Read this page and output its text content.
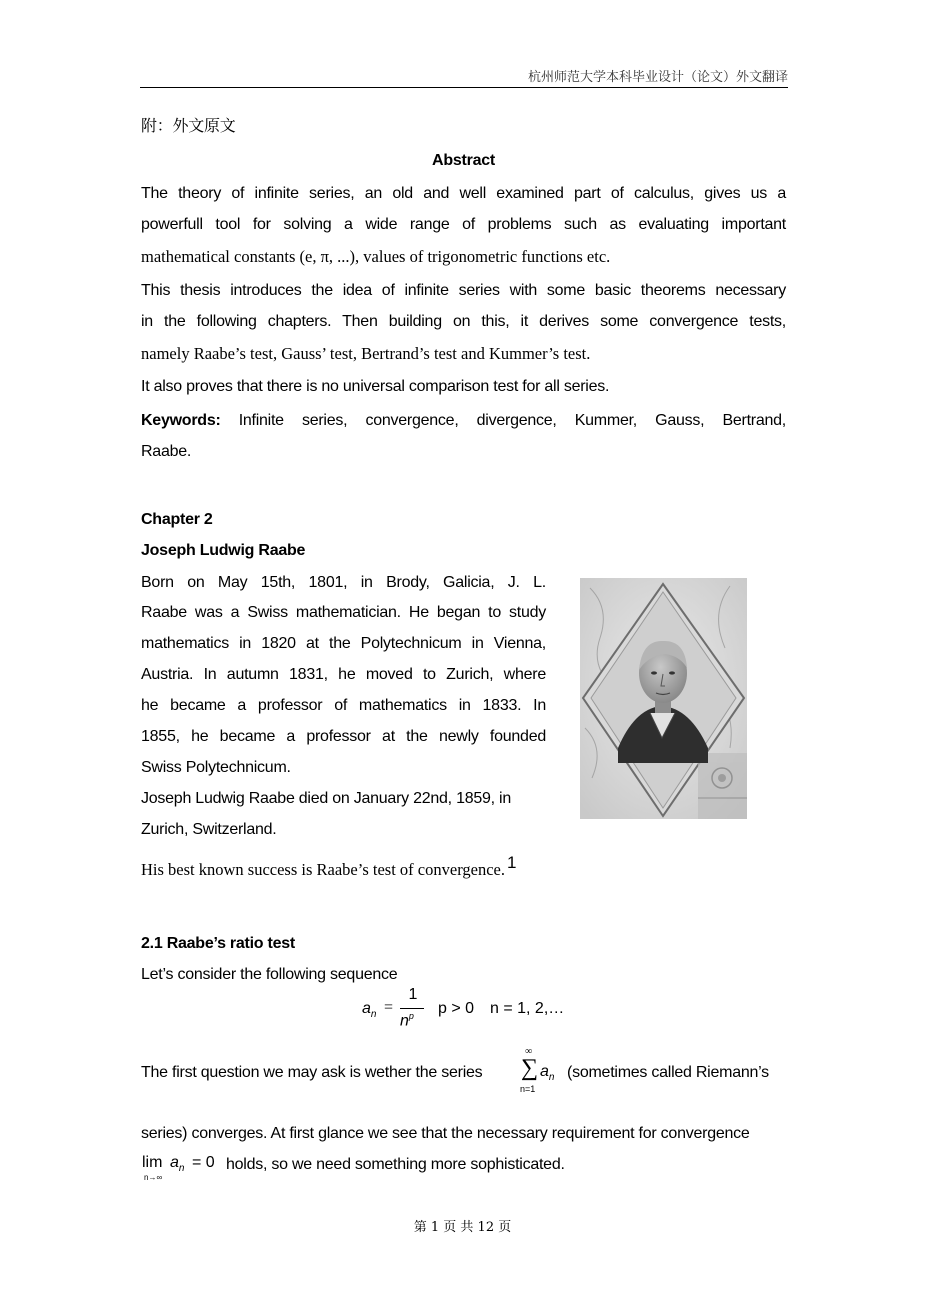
杭州师范大学本科毕业设计（论文）外文翻译
附：外文原文
Abstract
The theory of infinite series, an old and well examined part of calculus, gives us a
powerfull tool for solving a wide range of problems such as evaluating important
mathematical constants (e, π, ...), values of trigonometric functions etc.
This thesis introduces the idea of infinite series with some basic theorems necessary
in the following chapters. Then building on this, it derives some convergence tests,
namely Raabe’s test, Gauss’ test, Bertrand’s test and Kummer’s test.
It also proves that there is no universal comparison test for all series.
Keywords: Infinite series, convergence, divergence, Kummer, Gauss, Bertrand,
Raabe.
Chapter 2
Joseph Ludwig Raabe
Born on May 15th, 1801, in Brody, Galicia, J. L.
Raabe was a Swiss mathematician. He began to study
mathematics in 1820 at the Polytechnicum in Vienna,
Austria. In autumn 1831, he moved to Zurich, where
he became a professor of mathematics in 1833. In
1855, he became a professor at the newly founded
Swiss Polytechnicum.
Joseph Ludwig Raabe died on January 22nd, 1859, in
Zurich, Switzerland.
His best known success is Raabe’s test of convergence. 1
2.1 Raabe’s ratio test
Let’s consider the following sequence
$a_n$ =
1
$n^p$ p > 0 n = 1, 2,…
The first question we may ask is wether the series
∞
∑
n=1
$a_n$ (sometimes called Riemann’s
series) converges. At first glance we see that the necessary requirement for convergence
lim
n→∞
$a_n = 0$ holds, so we need something more sophisticated.
第 1 页 共 12 页
